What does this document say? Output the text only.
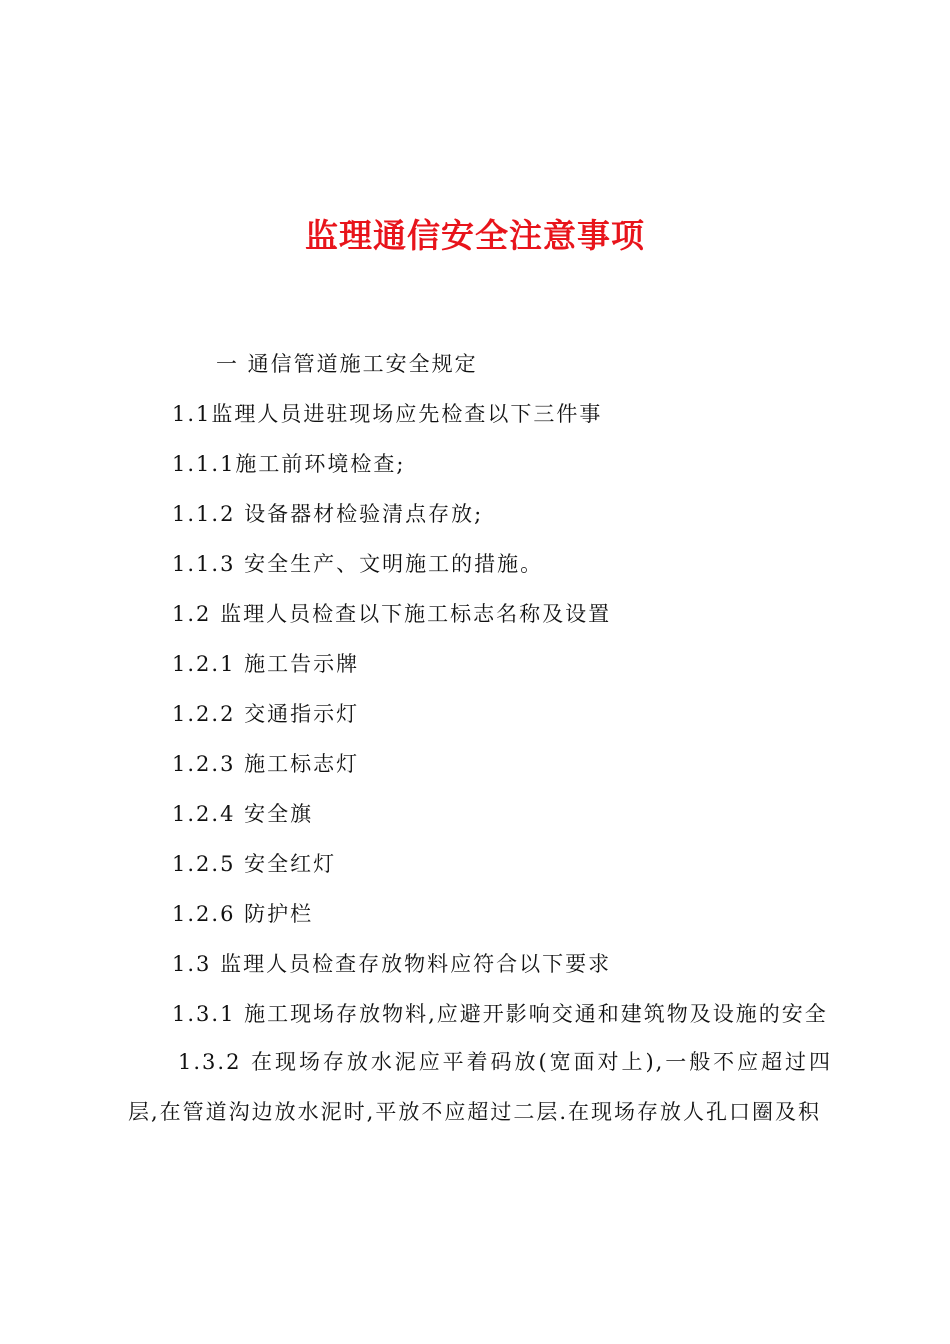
监理通信安全注意事项
一 通信管道施工安全规定
1.1监理人员进驻现场应先检查以下三件事
1.1.1施工前环境检查;
1.1.2 设备器材检验清点存放;
1.1.3 安全生产、文明施工的措施。
1.2 监理人员检查以下施工标志名称及设置
1.2.1 施工告示牌
1.2.2 交通指示灯
1.2.3 施工标志灯
1.2.4 安全旗
1.2.5 安全红灯
1.2.6 防护栏
1.3 监理人员检查存放物料应符合以下要求
1.3.1 施工现场存放物料,应避开影响交通和建筑物及设施的安全
1.3.2 在现场存放水泥应平着码放(宽面对上),一般不应超过四层,在管道沟边放水泥时,平放不应超过二层.在现场存放人孔口圈及积
